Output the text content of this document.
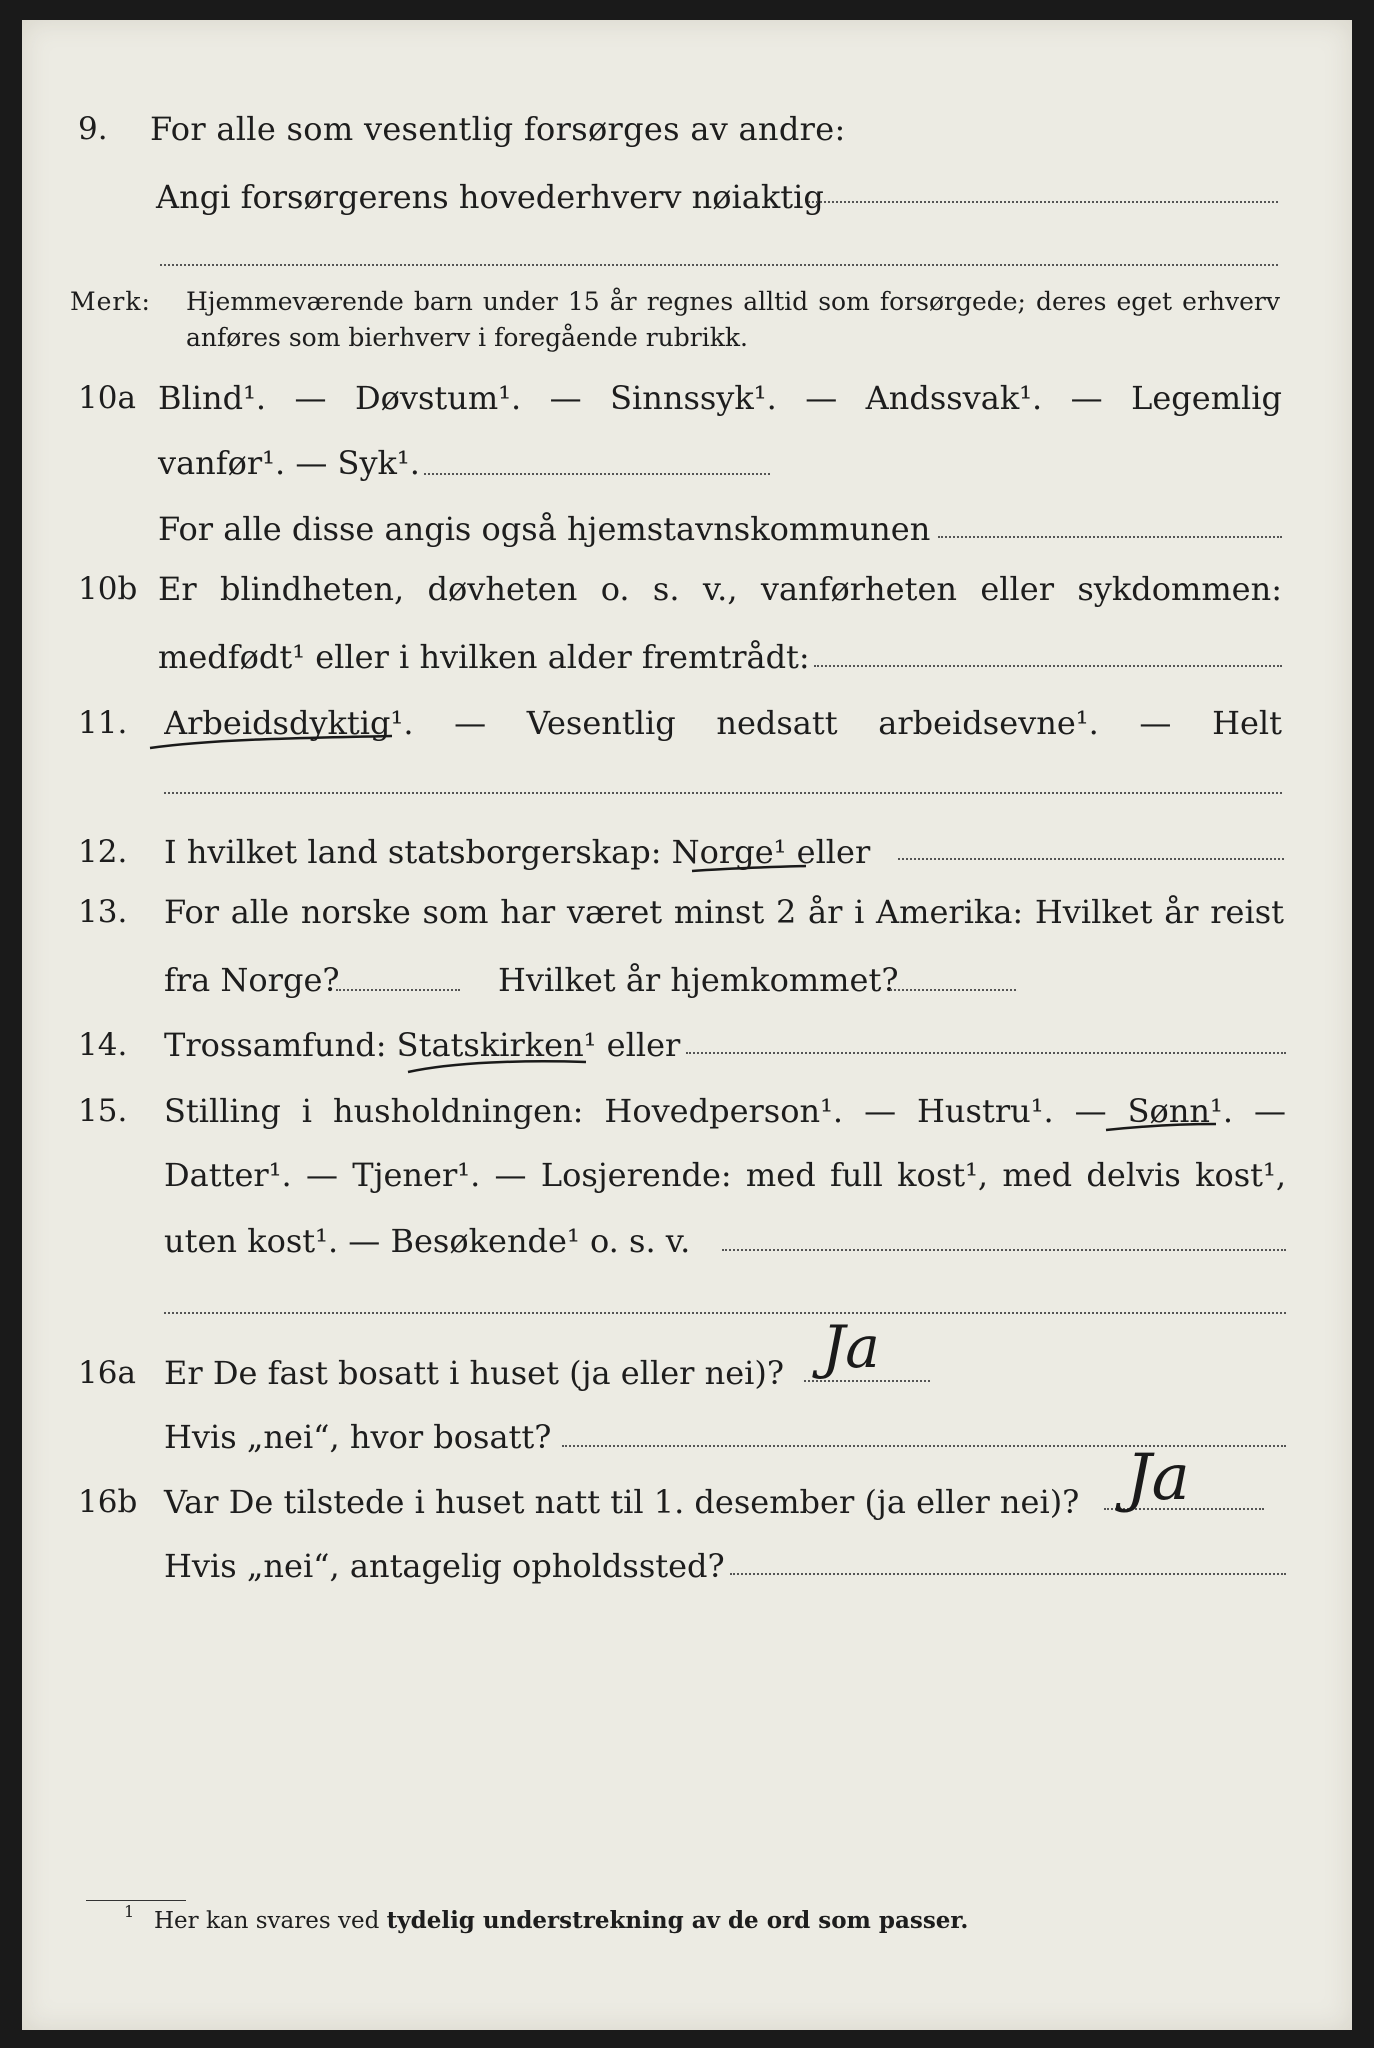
9. For alle som vesentlig forsørges av andre:
Angi forsørgerens hovederhverv nøiaktig
Merk: Hjemmeværende barn under 15 år regnes alltid som forsørgede; deres eget erhverv anføres som bierhverv i foregående rubrikk.
10a Blind¹. — Døvstum¹. — Sinnssyk¹. — Andssvak¹. — Legemlig
vanfør¹. — Syk¹.
For alle disse angis også hjemstavnskommunen
10b Er blindheten, døvheten o. s. v., vanførheten eller sykdommen:
medfødt¹ eller i hvilken alder fremtrådt:
11. Arbeidsdyktig¹. — Vesentlig nedsatt arbeidsevne¹. — Helt
12. I hvilket land statsborgerskap: Norge¹ eller
13. For alle norske som har været minst 2 år i Amerika: Hvilket år reist
fra Norge?	Hvilket år hjemkommet?
14. Trossamfund: Statskirken¹ eller
15. Stilling i husholdningen: Hovedperson¹. — Hustru¹. — Sønn¹. —
Datter¹. — Tjener¹. — Losjerende: med full kost¹, med delvis kost¹,
uten kost¹. — Besøkende¹ o. s. v.
16a Er De fast bosatt i huset (ja eller nei)? Ja
Hvis „nei“, hvor bosatt?
16b Var De tilstede i huset natt til 1. desember (ja eller nei)? Ja
Hvis „nei“, antagelig opholdssted?
1 Her kan svares ved tydelig understrekning av de ord som passer.
